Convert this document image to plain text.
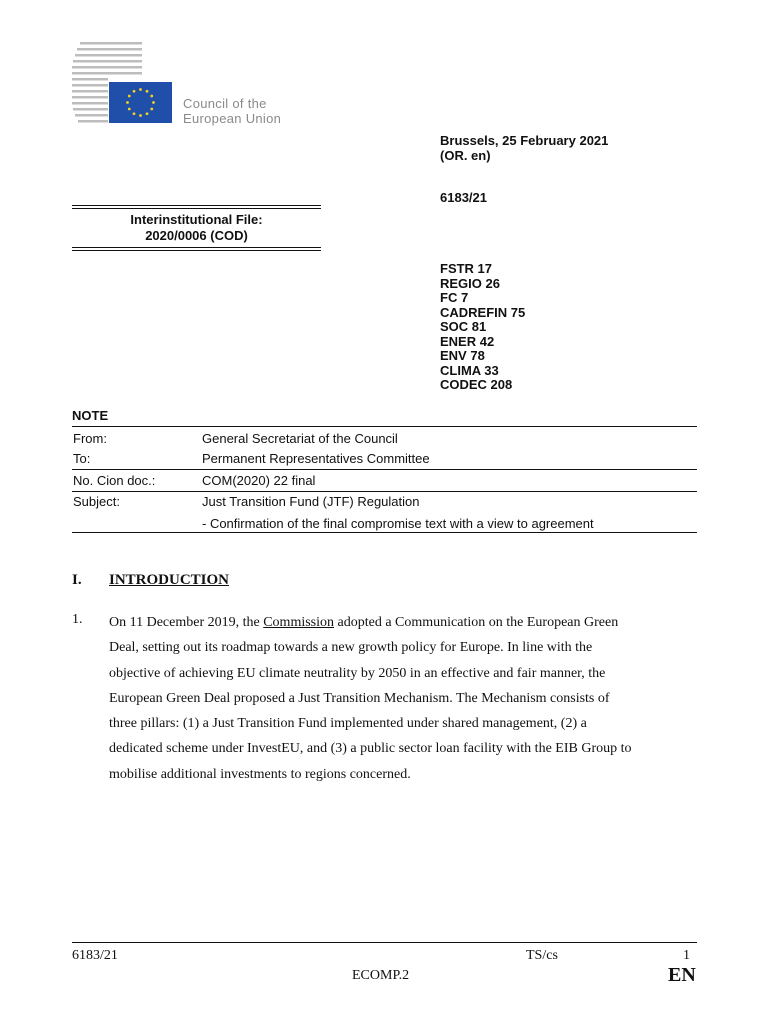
Council of the
European Union
Brussels, 25 February 2021
(OR. en)
6183/21
Interinstitutional File:
2020/0006 (COD)
FSTR 17
REGIO 26
FC 7
CADREFIN 75
SOC 81
ENER 42
ENV 78
CLIMA 33
CODEC 208
NOTE
From:	General Secretariat of the Council
To:	Permanent Representatives Committee
No. Cion doc.:	COM(2020) 22 final
Subject:	Just Transition Fund (JTF) Regulation
- Confirmation of the final compromise text with a view to agreement
I. INTRODUCTION
1. On 11 December 2019, the Commission adopted a Communication on the European Green
Deal, setting out its roadmap towards a new growth policy for Europe. In line with the
objective of achieving EU climate neutrality by 2050 in an effective and fair manner, the
European Green Deal proposed a Just Transition Mechanism. The Mechanism consists of
three pillars: (1) a Just Transition Fund implemented under shared management, (2) a
dedicated scheme under InvestEU, and (3) a public sector loan facility with the EIB Group to
mobilise additional investments to regions concerned.
6183/21	TS/cs	1
ECOMP.2	EN
